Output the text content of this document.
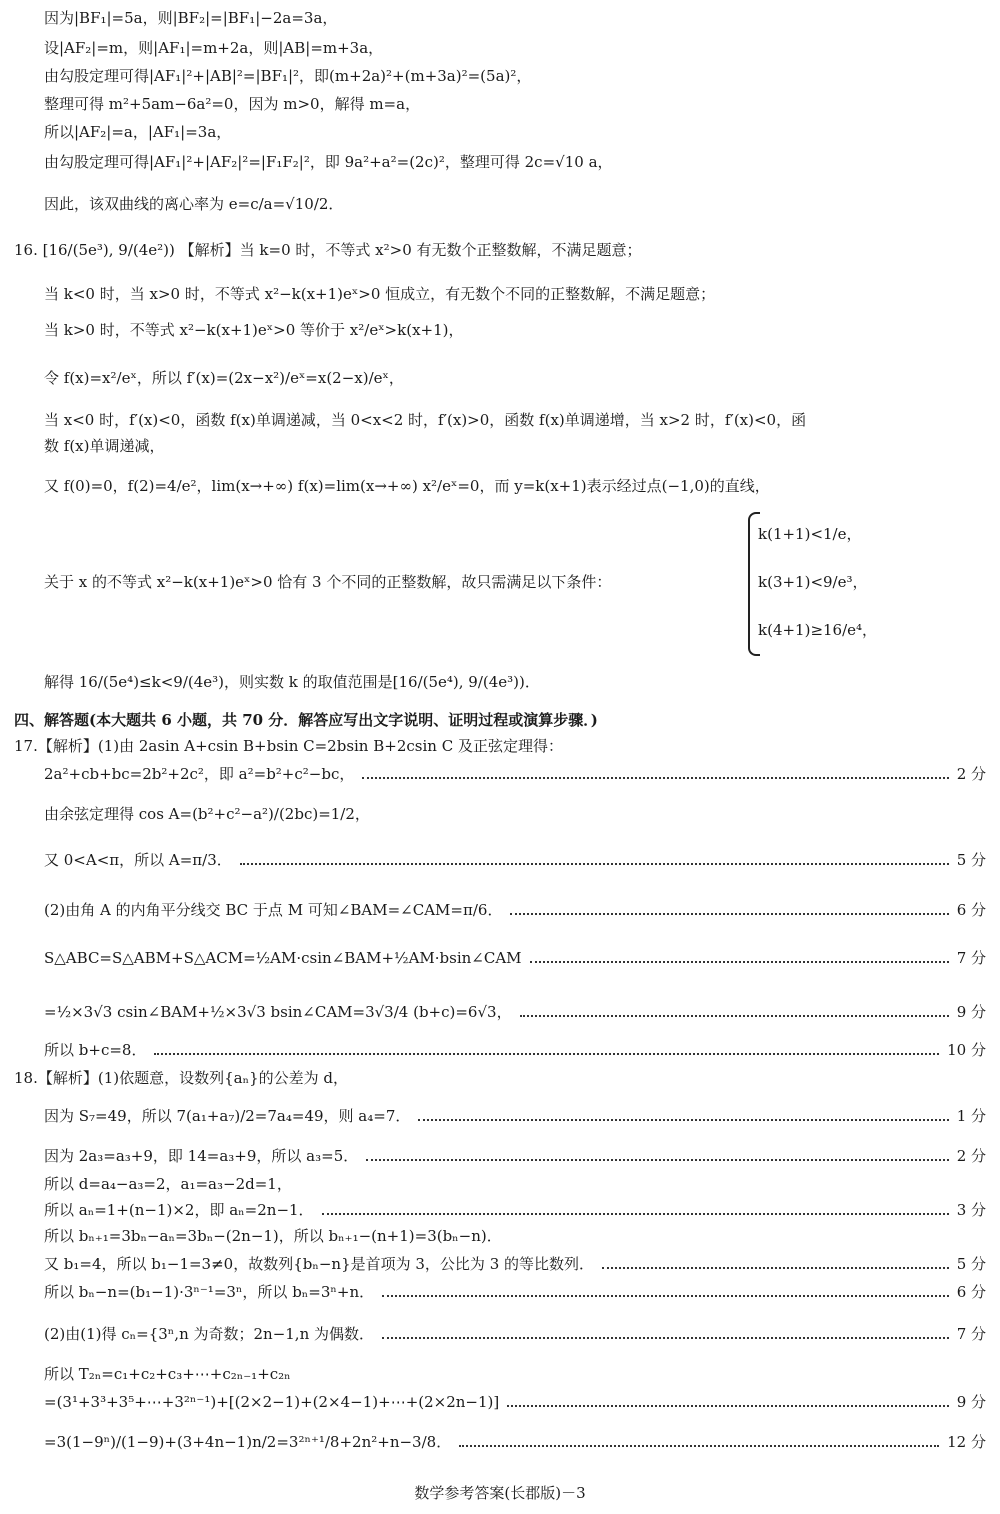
因为|BF₁|=5a，则|BF₂|=|BF₁|−2a=3a，
设|AF₂|=m，则|AF₁|=m+2a，则|AB|=m+3a，
由勾股定理可得|AF₁|²+|AB|²=|BF₁|²，即(m+2a)²+(m+3a)²=(5a)²，
整理可得 m²+5am−6a²=0，因为 m>0，解得 m=a，
所以|AF₂|=a，|AF₁|=3a，
由勾股定理可得|AF₁|²+|AF₂|²=|F₁F₂|²，即 9a²+a²=(2c)²，整理可得 2c=√10 a，
因此，该双曲线的离心率为 e=c/a=√10/2．
16. [16/(5e³), 9/(4e²)) 【解析】当 k=0 时，不等式 x²>0 有无数个正整数解，不满足题意；
当 k<0 时，当 x>0 时，不等式 x²−k(x+1)eˣ>0 恒成立，有无数个不同的正整数解，不满足题意；
当 k>0 时，不等式 x²−k(x+1)eˣ>0 等价于 x²/eˣ>k(x+1)，
令 f(x)=x²/eˣ，所以 f′(x)=(2x−x²)/eˣ=x(2−x)/eˣ，
当 x<0 时，f′(x)<0，函数 f(x)单调递减，当 0<x<2 时，f′(x)>0，函数 f(x)单调递增，当 x>2 时，f′(x)<0，函
数 f(x)单调递减，
又 f(0)=0，f(2)=4/e²，lim(x→+∞) f(x)=lim(x→+∞) x²/eˣ=0，而 y=k(x+1)表示经过点(−1,0)的直线，
关于 x 的不等式 x²−k(x+1)eˣ>0 恰有 3 个不同的正整数解，故只需满足以下条件：
k(1+1)<1/e，
k(3+1)<9/e³，
k(4+1)≥16/e⁴，
解得 16/(5e⁴)≤k<9/(4e³)，则实数 k 的取值范围是[16/(5e⁴), 9/(4e³))．
四、解答题(本大题共 6 小题，共 70 分．解答应写出文字说明、证明过程或演算步骤．)
17.【解析】(1)由 2asin A+csin B+bsin C=2bsin B+2csin C 及正弦定理得：
由余弦定理得 cos A=(b²+c²−a²)/(2bc)=1/2，
18.【解析】(1)依题意，设数列{aₙ}的公差为 d，
所以 d=a₄−a₃=2，a₁=a₃−2d=1，
所以 T₂ₙ=c₁+c₂+c₃+⋯+c₂ₙ₋₁+c₂ₙ
2a²+cb+bc=2b²+2c²，即 a²=b²+c²−bc，	2 分
又 0<A<π，所以 A=π/3．	5 分
(2)由角 A 的内角平分线交 BC 于点 M 可知∠BAM=∠CAM=π/6．	6 分
S△ABC=S△ABM+S△ACM=½AM·csin∠BAM+½AM·bsin∠CAM	7 分
=½×3√3 csin∠BAM+½×3√3 bsin∠CAM=3√3/4 (b+c)=6√3，	9 分
所以 b+c=8．	10 分
因为 S₇=49，所以 7(a₁+a₇)/2=7a₄=49，则 a₄=7．	1 分
因为 2a₃=a₃+9，即 14=a₃+9，所以 a₃=5．	2 分
所以 aₙ=1+(n−1)×2，即 aₙ=2n−1．	3 分
所以 bₙ₊₁=3bₙ−aₙ=3bₙ−(2n−1)，所以 bₙ₊₁−(n+1)=3(bₙ−n)．
又 b₁=4，所以 b₁−1=3≠0，故数列{bₙ−n}是首项为 3，公比为 3 的等比数列．	5 分
所以 bₙ−n=(b₁−1)·3ⁿ⁻¹=3ⁿ，所以 bₙ=3ⁿ+n．	6 分
(2)由(1)得 cₙ={3ⁿ,n 为奇数；2n−1,n 为偶数．	7 分
=(3¹+3³+3⁵+⋯+3²ⁿ⁻¹)+[(2×2−1)+(2×4−1)+⋯+(2×2n−1)]	9 分
=3(1−9ⁿ)/(1−9)+(3+4n−1)n/2=3²ⁿ⁺¹/8+2n²+n−3/8．	12 分
数学参考答案(长郡版)－3
